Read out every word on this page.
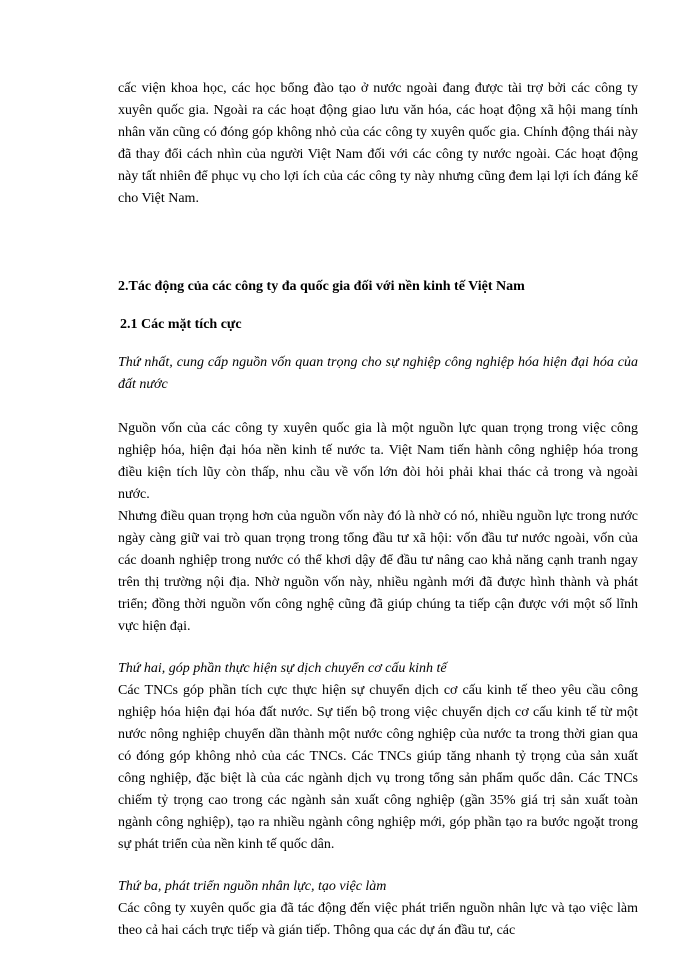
cấc viện khoa học, các học bổng đào tạo ở nước ngoài đang được tài trợ bởi các công ty xuyên quốc gia. Ngoài ra các hoạt động giao lưu văn hóa, các hoạt động xã hội mang tính nhân văn cũng có đóng góp không nhỏ của các công ty xuyên quốc gia. Chính động thái này đã thay đổi cách nhìn của người Việt Nam đối với các công ty nước ngoài. Các hoạt động này tất nhiên để phục vụ cho lợi ích của các công ty này nhưng cũng đem lại lợi ích đáng kể cho Việt Nam.

2.Tác động của các công ty đa quốc gia đối với nền kinh tế Việt Nam

2.1 Các mặt tích cực

Thứ nhất, cung cấp nguồn vốn quan trọng cho sự nghiệp công nghiệp hóa hiện đại hóa của đất nước

Nguồn vốn của các công ty xuyên quốc gia là một nguồn lực quan trọng trong việc công nghiệp hóa, hiện đại hóa nền kinh tế nước ta. Việt Nam tiến hành công nghiệp hóa trong điều kiện tích lũy còn thấp, nhu cầu về vốn lớn đòi hỏi phải khai thác cả trong và ngoài nước.

Nhưng điều quan trọng hơn của nguồn vốn này đó là nhờ có nó, nhiều nguồn lực trong nước ngày càng giữ vai trò quan trọng trong tổng đầu tư xã hội: vốn đầu tư nước ngoài, vốn của các doanh nghiệp trong nước có thể khơi dậy để đầu tư nâng cao khả năng cạnh tranh ngay trên thị trường nội địa. Nhờ nguồn vốn này, nhiều ngành mới đã được hình thành và phát triển; đồng thời nguồn vốn công nghệ cũng đã giúp chúng ta tiếp cận được với một số lĩnh vực hiện đại.

Thứ hai, góp phần thực hiện sự dịch chuyển cơ cấu kinh tế

Các TNCs góp phần tích cực thực hiện sự chuyển dịch cơ cấu kinh tế theo yêu cầu công nghiệp hóa hiện đại hóa đất nước. Sự tiến bộ trong việc chuyển dịch cơ cấu kinh tế từ một nước nông nghiệp chuyển dần thành một nước công nghiệp của nước ta trong thời gian qua có đóng góp không nhỏ của các TNCs. Các TNCs giúp tăng nhanh tỷ trọng của sản xuất công nghiệp, đặc biệt là của các ngành dịch vụ trong tổng sản phẩm quốc dân. Các TNCs chiếm tỷ trọng cao trong các ngành sản xuất công nghiệp (gần 35% giá trị sản xuất toàn ngành công nghiệp), tạo ra nhiều ngành công nghiệp mới, góp phần tạo ra bước ngoặt trong sự phát triển của nền kinh tế quốc dân.

Thứ ba, phát triển nguồn nhân lực, tạo việc làm

Các công ty xuyên quốc gia đã tác động đến việc phát triển nguồn nhân lực và tạo việc làm theo cả hai cách trực tiếp và gián tiếp. Thông qua các dự án đầu tư, các
